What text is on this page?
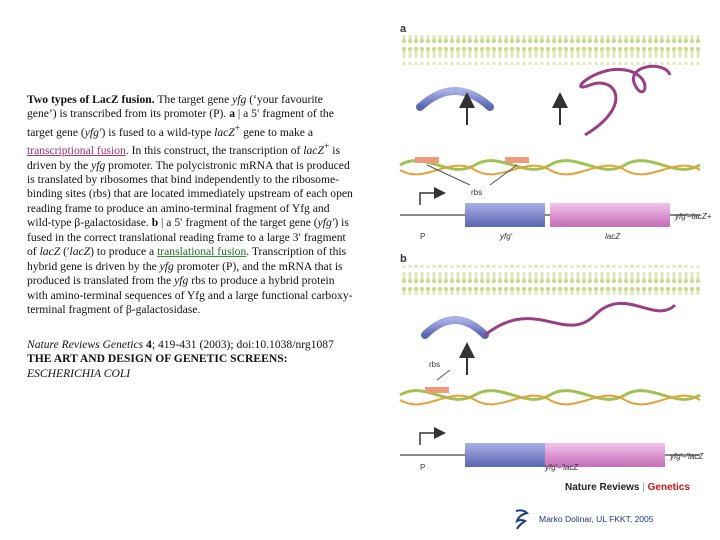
Two types of LacZ fusion. The target gene yfg (‘your favourite gene’) is transcribed from its promoter (P). a | a 5′ fragment of the target gene (yfg′) is fused to a wild-type lacZ+ gene to make a transcriptional fusion. In this construct, the transcription of lacZ+ is driven by the yfg promoter. The polycistronic mRNA that is produced is translated by ribosomes that bind independently to the ribosome-binding sites (rbs) that are located immediately upstream of each open reading frame to produce an amino-terminal fragment of Yfg and wild-type β-galactosidase. b | a 5′ fragment of the target gene (yfg′) is fused in the correct translational reading frame to a large 3′ fragment of lacZ (′lacZ) to produce a translational fusion. Transcription of this hybrid gene is driven by the yfg promoter (P), and the mRNA that is produced is translated from the yfg rbs to produce a hybrid protein with amino-terminal sequences of Yfg and a large functional carboxy-terminal fragment of β-galactosidase.

Nature Reviews Genetics 4; 419-431 (2003); doi:10.1038/nrg1087
THE ART AND DESIGN OF GENETIC SCREENS:
ESCHERICHIA COLI
a
rbs
P	yfg′	lacZ
yfg′–lacZ+
b
rbs
P	yfg′–′lacZ
yfg′–′lacZ
Nature Reviews | Genetics
Marko Dolinar, UL FKKT, 2005
